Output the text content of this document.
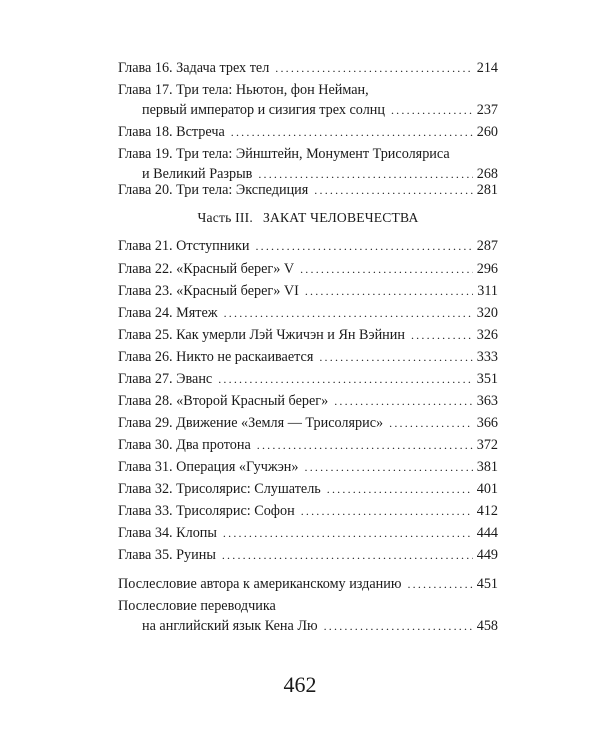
Глава 16. Задача трех тел .....	214
Глава 17. Три тела: Ньютон, фон Нейман,
первый император и сизигия трех солнц .....	237
Глава 18. Встреча .....	260
Глава 19. Три тела: Эйнштейн, Монумент Трисоляриса
и Великий Разрыв .....	268
Глава 20. Три тела: Экспедиция .....	281
Часть III. ЗАКАТ ЧЕЛОВЕЧЕСТВА
Глава 21. Отступники .....	287
Глава 22. «Красный берег» V .....	296
Глава 23. «Красный берег» VI .....	311
Глава 24. Мятеж .....	320
Глава 25. Как умерли Лэй Чжичэн и Ян Вэйнин .....	326
Глава 26. Никто не раскаивается .....	333
Глава 27. Эванс .....	351
Глава 28. «Второй Красный берег» .....	363
Глава 29. Движение «Земля — Трисолярис» .....	366
Глава 30. Два протона .....	372
Глава 31. Операция «Гучжэн» .....	381
Глава 32. Трисолярис: Слушатель .....	401
Глава 33. Трисолярис: Софон .....	412
Глава 34. Клопы .....	444
Глава 35. Руины .....	449
Послесловие автора к американскому изданию .....	451
Послесловие переводчика
на английский язык Кена Лю .....	458
462
